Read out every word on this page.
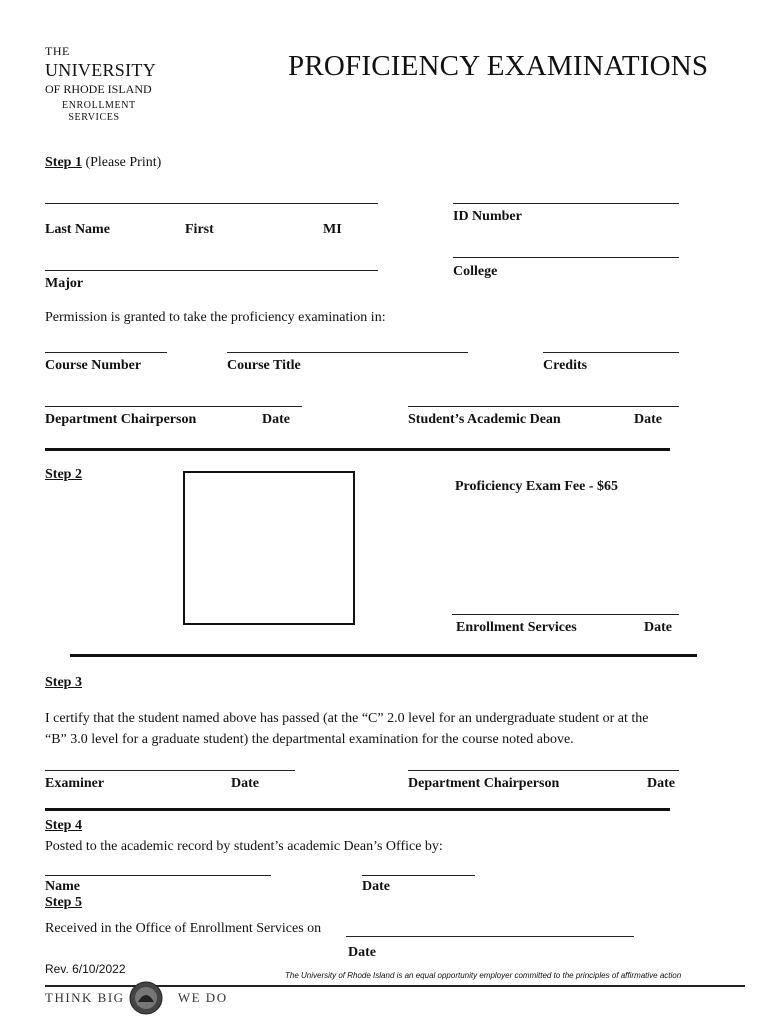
THE
UNIVERSITY
OF RHODE ISLAND
ENROLLMENT
SERVICES
PROFICIENCY EXAMINATIONS
Step 1 (Please Print)
Last Name	First	MI
ID Number
Major
College
Permission is granted to take the proficiency examination in:
Course Number	Course Title	Credits
Department Chairperson	Date	Student’s Academic Dean	Date
Step 2
Proficiency Exam Fee - $65
Enrollment Services	Date
Step 3
I certify that the student named above has passed (at the “C” 2.0 level for an undergraduate student or at the
“B” 3.0 level for a graduate student) the departmental examination for the course noted above.
Examiner	Date	Department Chairperson	Date
Step 4
Posted to the academic record by student’s academic Dean’s Office by:
Name	Date
Step 5
Received in the Office of Enrollment Services on
Date
Rev. 6/10/2022	The University of Rhode Island is an equal opportunity employer committed to the principles of affirmative action
THINK BIG	WE DO
